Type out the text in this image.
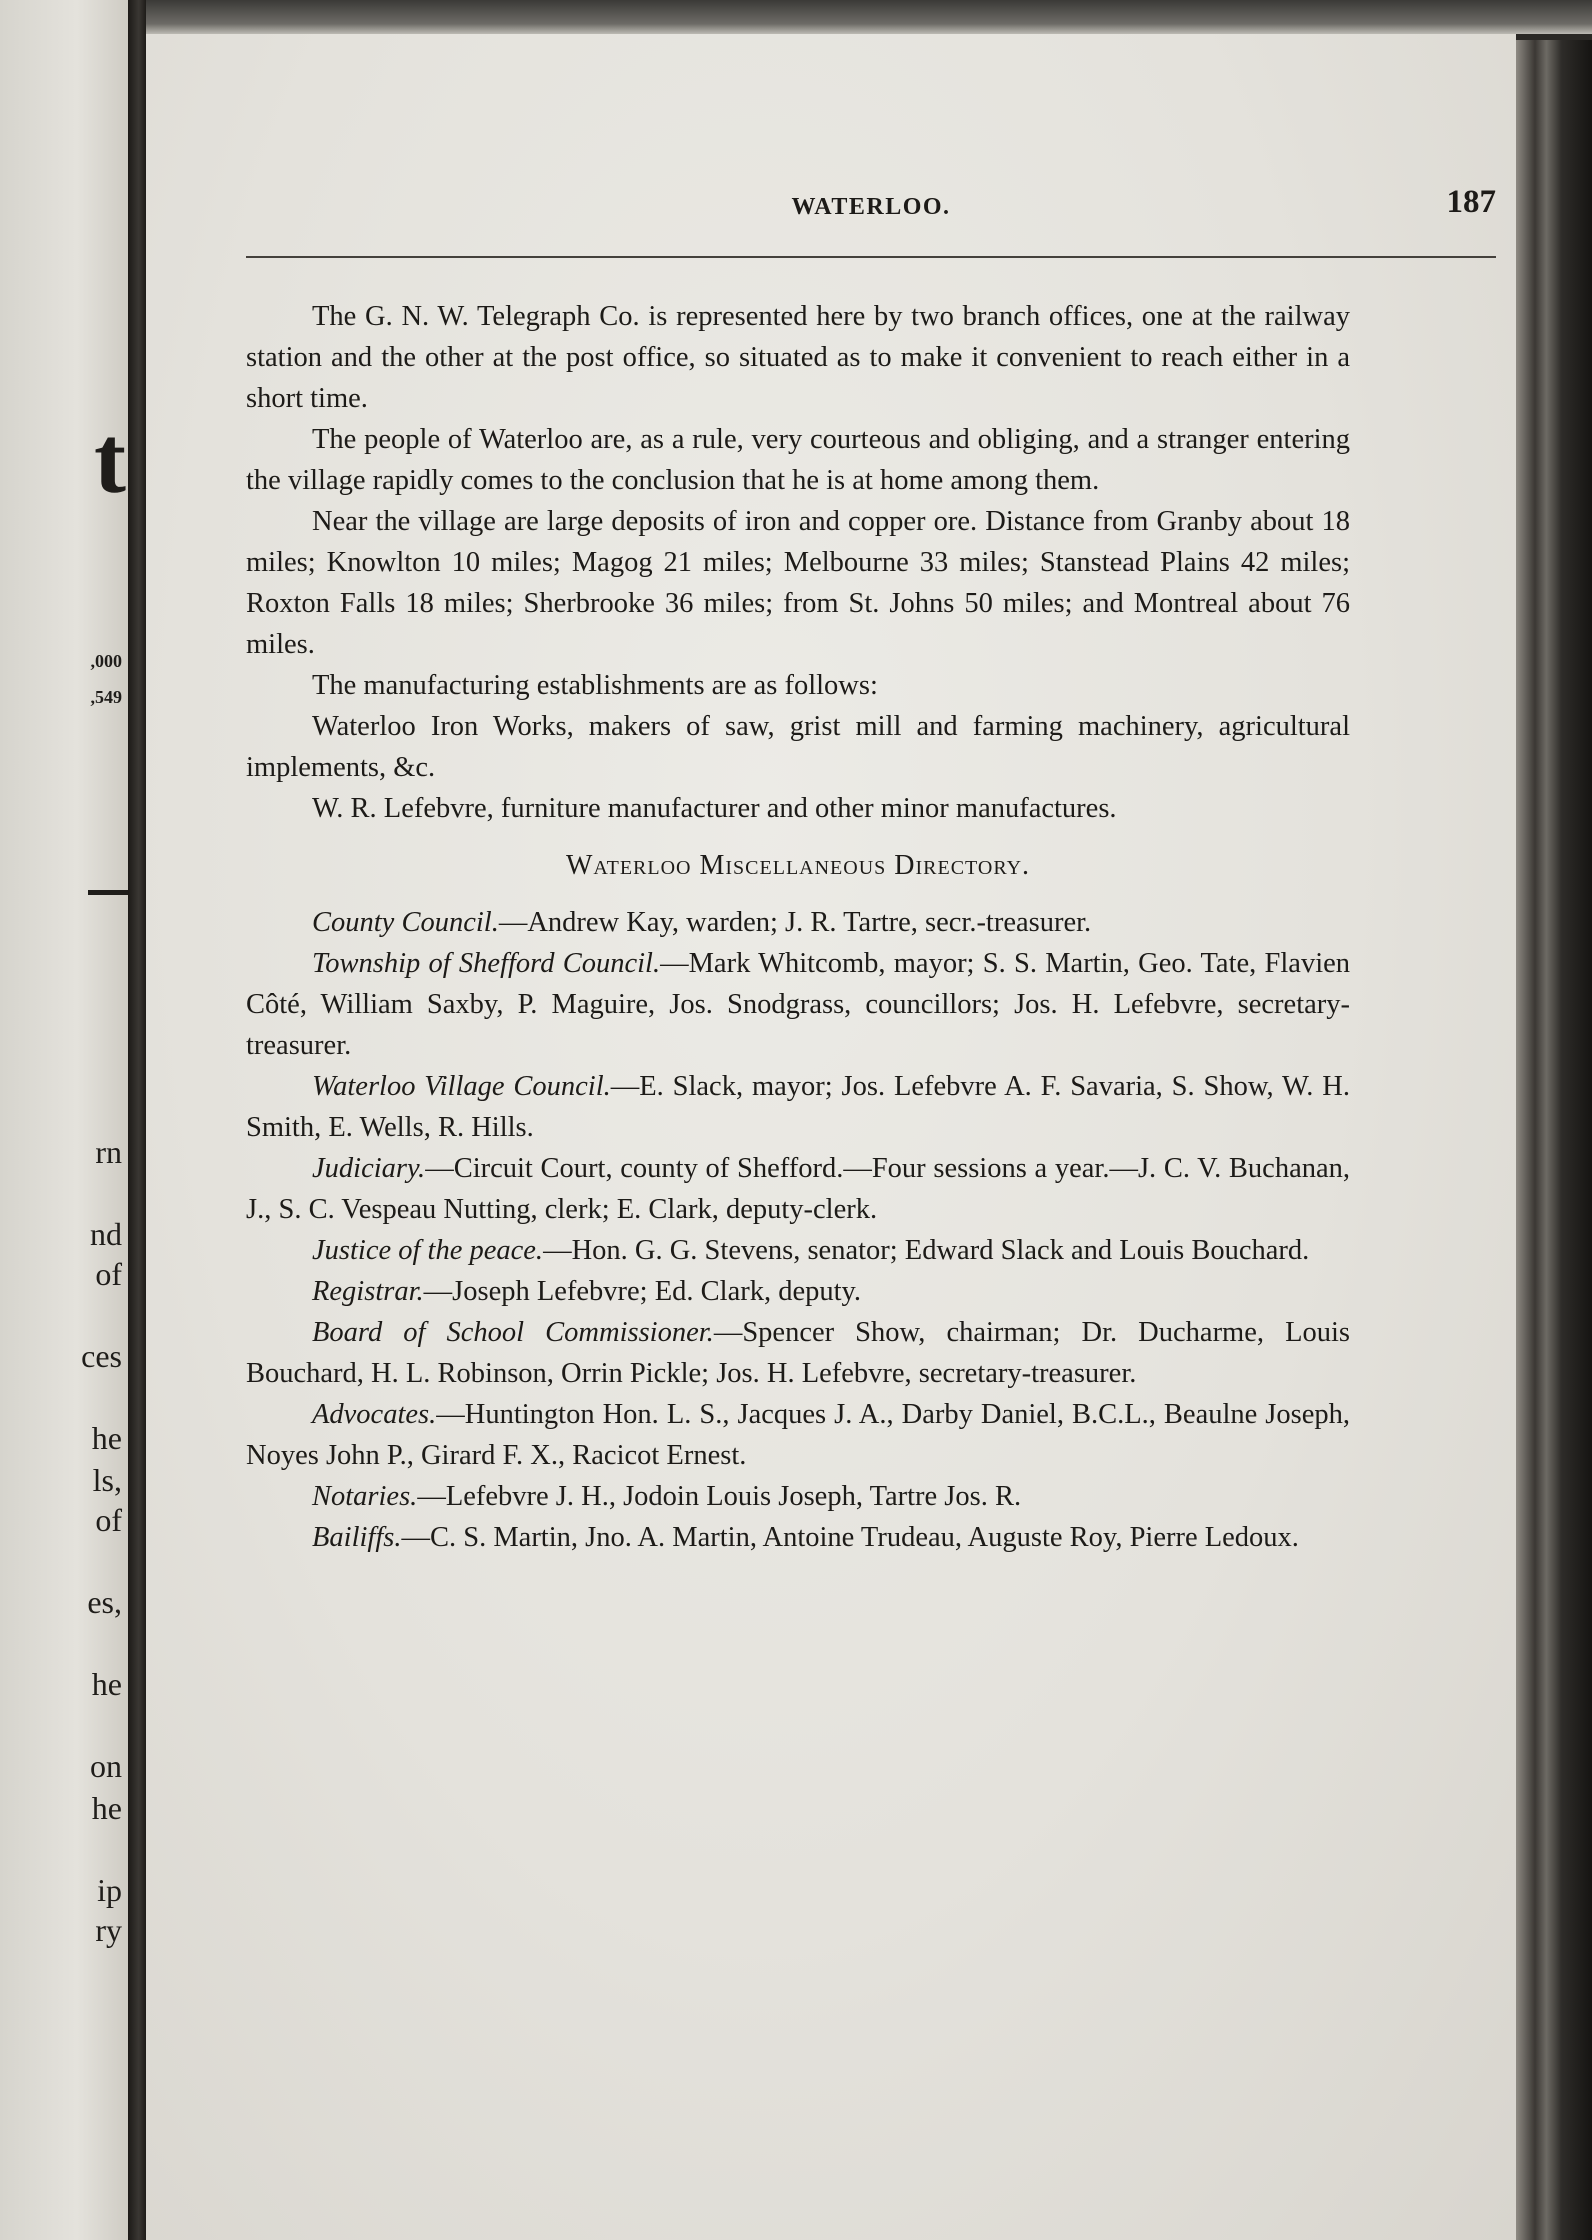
t
,000
,549
rn
nd
of
ces
he
ls,
of
es,
he
on
he
ip
ry
WATERLOO.	187

The G. N. W. Telegraph Co. is represented here by two branch offices, one at the railway station and the other at the post office, so situated as to make it convenient to reach either in a short time.

The people of Waterloo are, as a rule, very courteous and obliging, and a stranger entering the village rapidly comes to the conclusion that he is at home among them.

Near the village are large deposits of iron and copper ore. Distance from Granby about 18 miles; Knowlton 10 miles; Magog 21 miles; Melbourne 33 miles; Stanstead Plains 42 miles; Roxton Falls 18 miles; Sherbrooke 36 miles; from St. Johns 50 miles; and Montreal about 76 miles.

The manufacturing establishments are as follows:

Waterloo Iron Works, makers of saw, grist mill and farming machinery, agricultural implements, &c.

W. R. Lefebvre, furniture manufacturer and other minor manufactures.

Waterloo Miscellaneous Directory.

County Council.—Andrew Kay, warden; J. R. Tartre, secr.-treasurer.

Township of Shefford Council.—Mark Whitcomb, mayor; S. S. Martin, Geo. Tate, Flavien Côté, William Saxby, P. Maguire, Jos. Snodgrass, councillors; Jos. H. Lefebvre, secretary-treasurer.

Waterloo Village Council.—E. Slack, mayor; Jos. Lefebvre A. F. Savaria, S. Show, W. H. Smith, E. Wells, R. Hills.

Judiciary.—Circuit Court, county of Shefford.—Four sessions a year.—J. C. V. Buchanan, J., S. C. Vespeau Nutting, clerk; E. Clark, deputy-clerk.

Justice of the peace.—Hon. G. G. Stevens, senator; Edward Slack and Louis Bouchard.

Registrar.—Joseph Lefebvre; Ed. Clark, deputy.

Board of School Commissioner.—Spencer Show, chairman; Dr. Ducharme, Louis Bouchard, H. L. Robinson, Orrin Pickle; Jos. H. Lefebvre, secretary-treasurer.

Advocates.—Huntington Hon. L. S., Jacques J. A., Darby Daniel, B.C.L., Beaulne Joseph, Noyes John P., Girard F. X., Racicot Ernest.

Notaries.—Lefebvre J. H., Jodoin Louis Joseph, Tartre Jos. R.

Bailiffs.—C. S. Martin, Jno. A. Martin, Antoine Trudeau, Auguste Roy, Pierre Ledoux.
